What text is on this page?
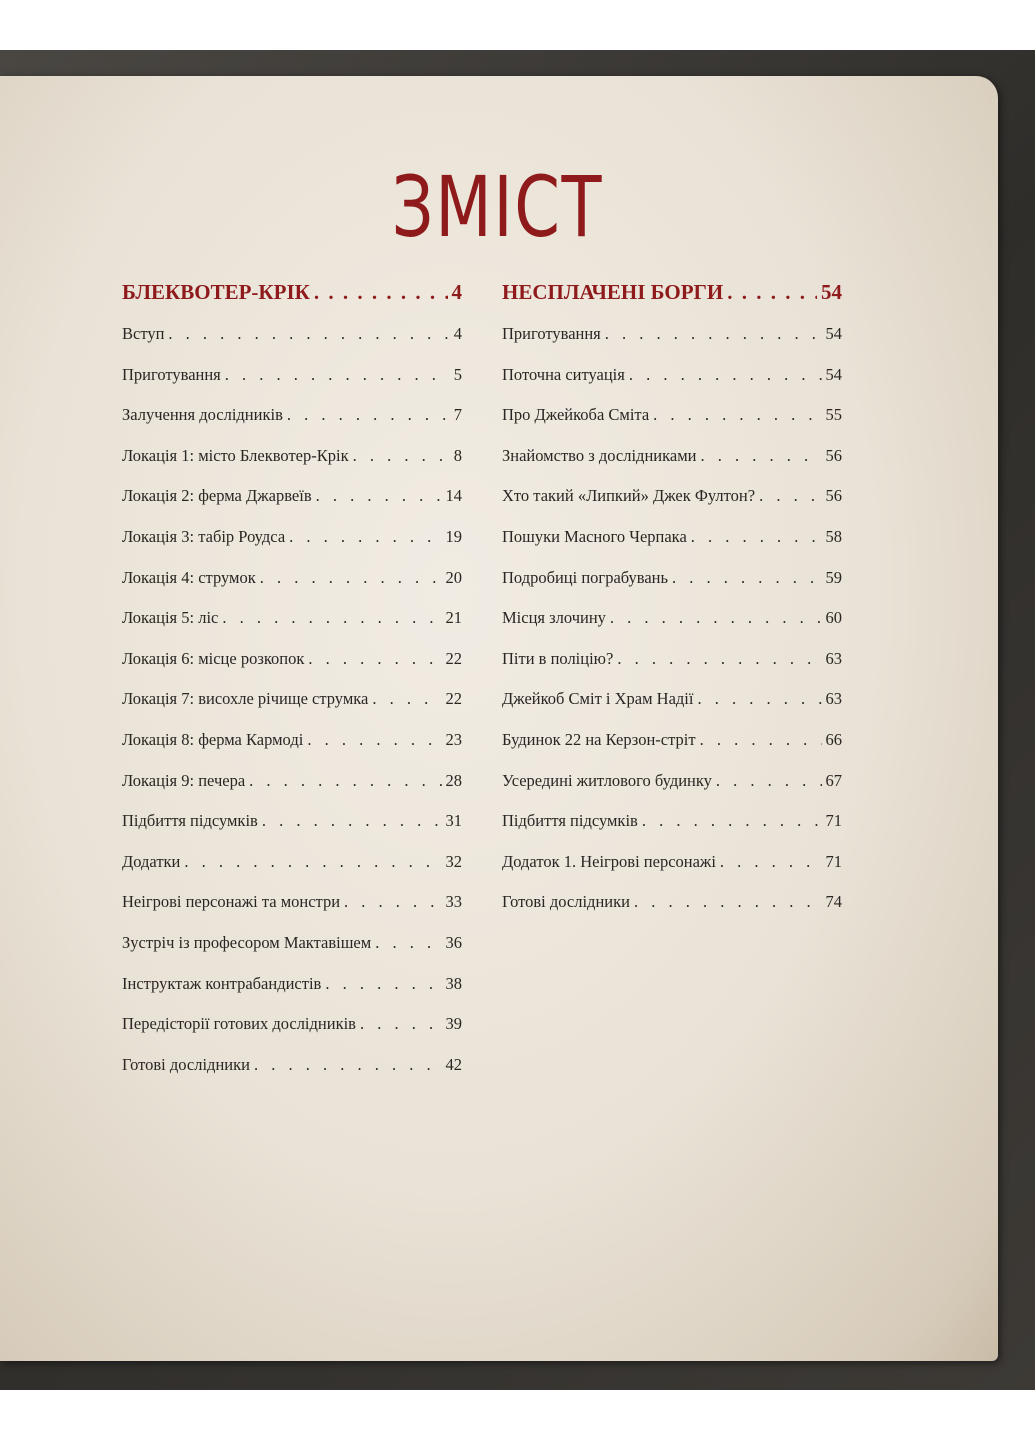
ЗМІСТ
БЛЕКВОТЕР-КРІК . . .	4
Вступ . . .	4
Приготування . . .	5
Залучення дослідників . . .	7
Локація 1: місто Блеквотер-Крік . . .	8
Локація 2: ферма Джарвеїв . . .	14
Локація 3: табір Роудса . . .	19
Локація 4: струмок . . .	20
Локація 5: ліс . . .	21
Локація 6: місце розкопок . . .	22
Локація 7: висохле річище струмка . . .	22
Локація 8: ферма Кармоді . . .	23
Локація 9: печера . . .	28
Підбиття підсумків . . .	31
Додатки . . .	32
Неігрові персонажі та монстри . . .	33
Зустріч із професором Мактавішем . . .	36
Інструктаж контрабандистів . . .	38
Передісторії готових дослідників . . .	39
Готові дослідники . . .	42
НЕСПЛАЧЕНІ БОРГИ . . .	54
Приготування . . .	54
Поточна ситуація . . .	54
Про Джейкоба Сміта . . .	55
Знайомство з дослідниками . . .	56
Хто такий «Липкий» Джек Фултон? . . .	56
Пошуки Масного Черпака . . .	58
Подробиці пограбувань . . .	59
Місця злочину . . .	60
Піти в поліцію? . . .	63
Джейкоб Сміт і Храм Надії . . .	63
Будинок 22 на Керзон-стріт . . .	66
Усередині житлового будинку . . .	67
Підбиття підсумків . . .	71
Додаток 1. Неігрові персонажі . . .	71
Готові дослідники . . .	74
